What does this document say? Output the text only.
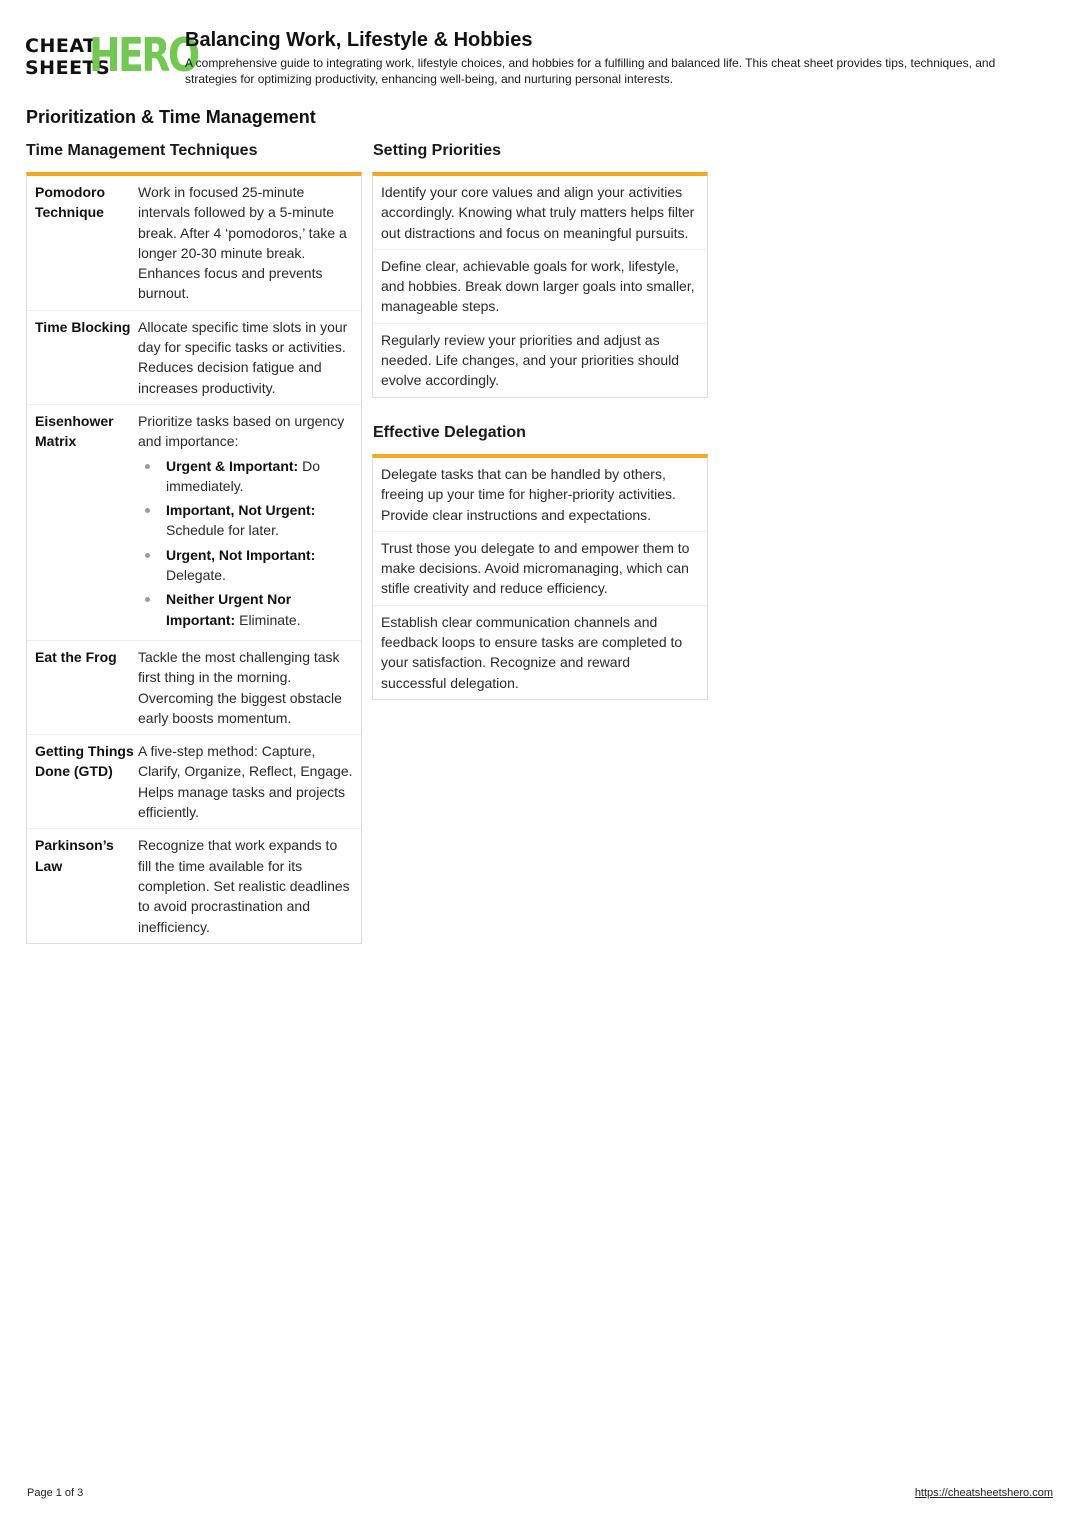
CHEAT
SHEETS
HERO
Balancing Work, Lifestyle & Hobbies

A comprehensive guide to integrating work, lifestyle choices, and hobbies for a fulfilling and balanced life. This cheat sheet provides tips, techniques, and strategies for optimizing productivity, enhancing well-being, and nurturing personal interests.

Prioritization & Time Management
Time Management Techniques
Pomodoro Technique
Work in focused 25-minute intervals followed by a 5-minute break. After 4 ‘pomodoros,’ take a longer 20-30 minute break. Enhances focus and prevents burnout.
Time Blocking Allocate specific time slots in your day for specific tasks or activities. Reduces decision fatigue and increases productivity.
Eisenhower Matrix
Prioritize tasks based on urgency and importance:
Urgent & Important: Do immediately.
Important, Not Urgent: Schedule for later.
Urgent, Not Important: Delegate.
Neither Urgent Nor Important: Eliminate.
Eat the Frog	Tackle the most challenging task first thing in the morning. Overcoming the biggest obstacle early boosts momentum.
Getting Things Done (GTD)
A five-step method: Capture, Clarify, Organize, Reflect, Engage. Helps manage tasks and projects efficiently.
Parkinson’s Law
Recognize that work expands to fill the time available for its completion. Set realistic deadlines to avoid procrastination and inefficiency.
Setting Priorities
Identify your core values and align your activities accordingly. Knowing what truly matters helps filter out distractions and focus on meaningful pursuits.
Define clear, achievable goals for work, lifestyle, and hobbies. Break down larger goals into smaller, manageable steps.
Regularly review your priorities and adjust as needed. Life changes, and your priorities should evolve accordingly.
Effective Delegation
Delegate tasks that can be handled by others, freeing up your time for higher-priority activities. Provide clear instructions and expectations.
Trust those you delegate to and empower them to make decisions. Avoid micromanaging, which can stifle creativity and reduce efficiency.
Establish clear communication channels and feedback loops to ensure tasks are completed to your satisfaction. Recognize and reward successful delegation.
Page 1 of 3	https://cheatsheetshero.com
